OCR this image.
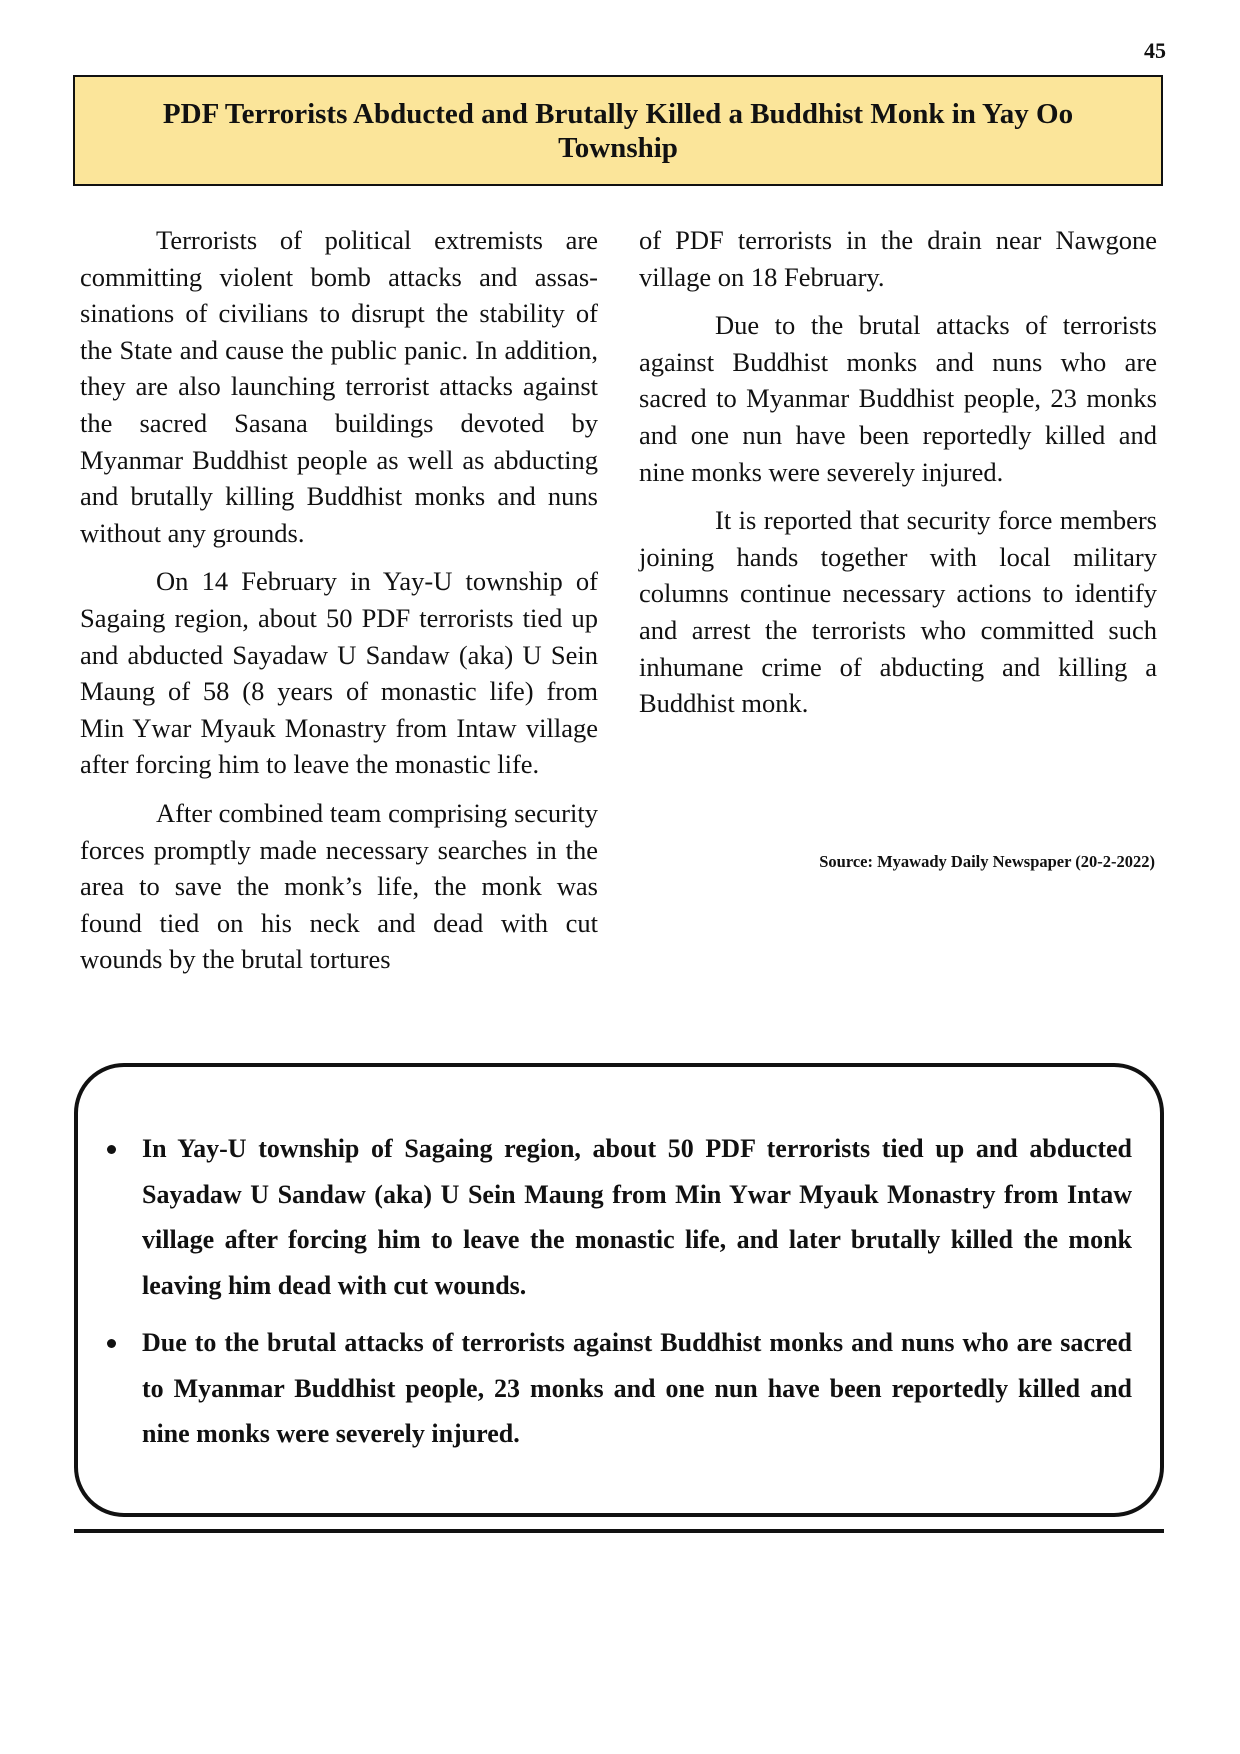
45
PDF Terrorists Abducted and Brutally Killed a Buddhist Monk in Yay Oo Township

Terrorists of political extremists are committing violent bomb attacks and assassinations of civilians to disrupt the stability of the State and cause the public panic. In addition, they are also launching terrorist attacks against the sacred Sasana buildings devoted by Myanmar Buddhist people as well as abducting and brutally killing Buddhist monks and nuns without any grounds.

On 14 February in Yay-U township of Sagaing region, about 50 PDF terrorists tied up and abducted Sayadaw U Sandaw (aka) U Sein Maung of 58 (8 years of monastic life) from Min Ywar Myauk Monastry from Intaw village after forcing him to leave the monastic life.

After combined team comprising security forces promptly made necessary searches in the area to save the monk’s life, the monk was found tied on his neck and dead with cut wounds by the brutal tortures

of PDF terrorists in the drain near Nawgone village on 18 February.

Due to the brutal attacks of terrorists against Buddhist monks and nuns who are sacred to Myanmar Buddhist people, 23 monks and one nun have been reportedly killed and nine monks were severely injured.

It is reported that security force members joining hands together with local military columns continue necessary actions to identify and arrest the terrorists who committed such inhumane crime of abducting and killing a Buddhist monk.

Source: Myawady Daily Newspaper (20-2-2022)
In Yay-U township of Sagaing region, about 50 PDF terrorists tied up and abducted Sayadaw U Sandaw (aka) U Sein Maung from Min Ywar Myauk Monastry from Intaw village after forcing him to leave the monastic life, and later brutally killed the monk leaving him dead with cut wounds.
Due to the brutal attacks of terrorists against Buddhist monks and nuns who are sacred to Myanmar Buddhist people, 23 monks and one nun have been reportedly killed and nine monks were severely injured.
